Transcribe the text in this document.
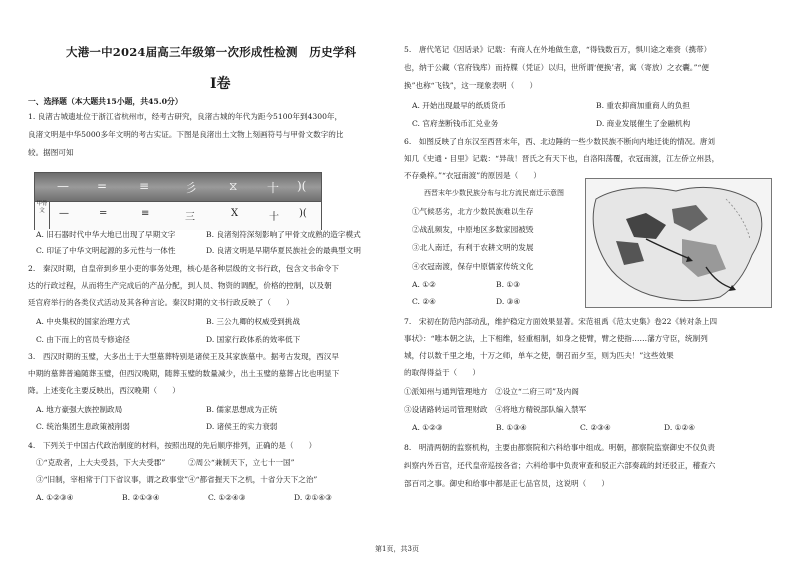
大港一中2024届高三年级第一次形成性检测　历史学科
Ⅰ卷
一、选择题（本大题共15小题，共45.0分）
1. 良渚古城遗址位于浙江省杭州市，经考古研究，良渚古城的年代为距今5100年到4300年，
良渚文明是中华5000多年文明的考古实证。下图是良渚出土文物上刻画符号与甲骨文数字的比
较。据图可知
— =	≡	彡	⧖ 十 )(
甲骨文	—	=	≡	三	X	十 )(
A. 旧石器时代中华大地已出现了早期文字	B. 良渚刻符深刻影响了甲骨文成熟的造字模式
C. 印证了中华文明起源的多元性与一体性	D. 良渚文明是早期华夏民族社会的最典型文明
2.　秦汉时期，自皇帝到乡里小吏的事务处理，核心是各种层级的文书行政，包含文书命令下
达的行政过程，从而将生产完成后的产品分配，到人员、物资的调配，价格的控制，以及朝
廷官府举行的各类仪式活动及其各种言论。秦汉时期的文书行政反映了（　　）
A. 中央集权的国家治理方式	B. 三公九卿的权威受到挑战
C. 由下而上的官员专修途径	D. 国家行政体系的效率低下
3.　西汉时期的玉璧，大多出土于大型墓葬特别是诸侯王及其家族墓中。据考古发现，西汉早
中期的墓葬普遍随葬玉璧，但西汉晚期，随葬玉璧的数量减少，出土玉璧的墓葬占比也明显下
降。上述变化主要反映出，西汉晚期（　　）
A. 地方豪强大族控制政局	B. 儒家思想成为正统
C. 统治集团生息政策被削弱	D. 诸侯王的实力衰弱
4.　下列关于中国古代政治制度的材料，按照出现的先后顺序排列，正确的是（　　）
①“克敌者，上大夫受县，下大夫受郡”　　　②周公“兼制天下，立七十一国”
③“旧制，宰相常于门下省议事，谓之政事堂”④“都省握天下之机，十省分天下之治”
A. ①②③④	B. ②①③④	C. ①②④③	D. ②①④③
5.　唐代笔记《因话录》记载：有商人在外地做生意，“得钱数百万，惧川途之难赍（携带）
也，纳于公藏（官府钱库）而持牒（凭证）以归，世所谓‘便换’者，寓（寄放）之衣囊。”“便
换”也称“飞钱”，这一现象表明（　　）
A. 开始出现最早的纸质货币	B. 重农抑商加重商人的负担
C. 官府垄断钱币汇兑业务	D. 商业发展催生了金融机构
6.　如图反映了自东汉至西晋末年，西、北边陲的一些少数民族不断向内地迁徙的情况。唐刘
知几《史通・目里》记载：“异哉！晋氏之有天下也，自洛阳荡覆，衣冠南渡，江左侨立州县，
不存桑梓。”“衣冠南渡”的原因是（　　）
西晋末年少数民族分布与北方流民南迁示意图
①气候恶劣，北方少数民族难以生存
②战乱频发，中原地区多数家园被毁
③北人南迁，有利于农耕文明的发展
④衣冠南渡，保存中原儒家传统文化
A. ①②	B. ①③
C. ②④	D. ③④
7.　宋初在防范内部动乱，维护稳定方面效果显著。宋范祖禹《范太史集》卷22《转对条上四
事状》：“唯本朝之法，上下相维，轻重相制，如身之使臂，臂之使指……藩方守臣，统制列
城，付以数千里之地，十万之师，单车之使，朝召而夕至，则为匹夫！”这些效果
的取得得益于（　　）
①派知州与通判管理地方　②设立“二府三司”及内阁
③设诸路转运司管理财政　④将地方精锐部队编入禁军
A. ①②③	B. ①③④	C. ②③④	D. ①②④
8.　明清两朝的监察机构，主要由都察院和六科给事中组成。明朝，都察院监察御史不仅负责
纠察内外百官，还代皇帝巡按各省；六科给事中负责审查和驳正六部奏疏的封还驳正，稽查六
部百司之事。御史和给事中都是正七品官员，这说明（　　）
第1页，共3页
